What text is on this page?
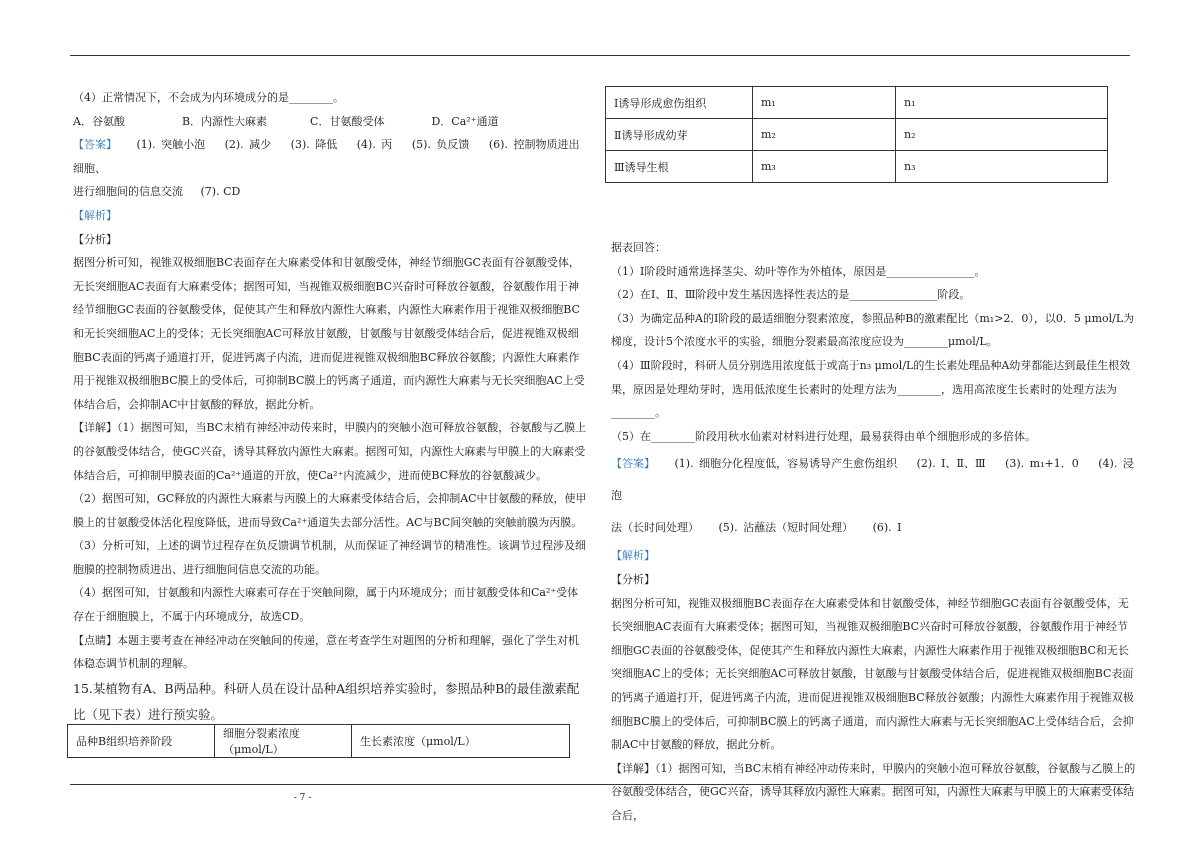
（4）正常情况下，不会成为内环境成分的是________。

A．谷氨酸	B．内源性大麻素	C．甘氨酸受体	D．Ca²⁺通道

【答案】 (1). 突触小泡 (2). 减少 (3). 降低 (4). 丙 (5). 负反馈 (6). 控制物质进出细胞、

进行细胞间的信息交流 (7). CD

【解析】

【分析】

据图分析可知，视锥双极细胞BC表面存在大麻素受体和甘氨酸受体，神经节细胞GC表面有谷氨酸受体，无长突细胞AC表面有大麻素受体；据图可知，当视锥双极细胞BC兴奋时可释放谷氨酸，谷氨酸作用于神经节细胞GC表面的谷氨酸受体，促使其产生和释放内源性大麻素，内源性大麻素作用于视锥双极细胞BC和无长突细胞AC上的受体；无长突细胞AC可释放甘氨酸，甘氨酸与甘氨酸受体结合后，促进视锥双极细胞BC表面的钙离子通道打开，促进钙离子内流，进而促进视锥双极细胞BC释放谷氨酸；内源性大麻素作用于视锥双极细胞BC膜上的受体后，可抑制BC膜上的钙离子通道，而内源性大麻素与无长突细胞AC上受体结合后，会抑制AC中甘氨酸的释放，据此分析。

【详解】（1）据图可知，当BC末梢有神经冲动传来时，甲膜内的突触小泡可释放谷氨酸，谷氨酸与乙膜上的谷氨酸受体结合，使GC兴奋，诱导其释放内源性大麻素。据图可知，内源性大麻素与甲膜上的大麻素受体结合后，可抑制甲膜表面的Ca²⁺通道的开放，使Ca²⁺内流减少，进而使BC释放的谷氨酸减少。

（2）据图可知，GC释放的内源性大麻素与丙膜上的大麻素受体结合后，会抑制AC中甘氨酸的释放，使甲膜上的甘氨酸受体活化程度降低，进而导致Ca²⁺通道失去部分活性。AC与BC间突触的突触前膜为丙膜。

（3）分析可知，上述的调节过程存在负反馈调节机制，从而保证了神经调节的精准性。该调节过程涉及细胞膜的控制物质进出、进行细胞间信息交流的功能。

（4）据图可知，甘氨酸和内源性大麻素可存在于突触间隙，属于内环境成分；而甘氨酸受体和Ca²⁺受体存在于细胞膜上，不属于内环境成分，故选CD。

【点睛】本题主要考查在神经冲动在突触间的传递，意在考查学生对题图的分析和理解，强化了学生对机体稳态调节机制的理解。

15.某植物有A、B两品种。科研人员在设计品种A组织培养实验时，参照品种B的最佳激素配比（见下表）进行预实验。

品种B组织培养阶段	细胞分裂素浓度（μmol/L）	生长素浓度（μmol/L）
Ⅰ诱导形成愈伤组织	m₁	n₁
Ⅱ诱导形成幼芽	m₂	n₂
Ⅲ诱导生根	m₃	n₃

据表回答：

（1）Ⅰ阶段时通常选择茎尖、幼叶等作为外植体，原因是________________。

（2）在Ⅰ、Ⅱ、Ⅲ阶段中发生基因选择性表达的是________________阶段。

（3）为确定品种A的Ⅰ阶段的最适细胞分裂素浓度，参照品种B的激素配比（m₁>2．0），以0．5 μmol/L为梯度，设计5个浓度水平的实验，细胞分裂素最高浓度应设为________μmol/L。

（4）Ⅲ阶段时，科研人员分别选用浓度低于或高于n₃ μmol/L的生长素处理品种A幼芽都能达到最佳生根效果，原因是处理幼芽时，选用低浓度生长素时的处理方法为________，选用高浓度生长素时的处理方法为________。

（5）在________阶段用秋水仙素对材料进行处理，最易获得由单个细胞形成的多倍体。

【答案】 (1). 细胞分化程度低，容易诱导产生愈伤组织 (2). Ⅰ、Ⅱ、Ⅲ (3). m₁+1．0 (4). 浸泡

法（长时间处理） (5). 沾蘸法（短时间处理） (6). Ⅰ

【解析】

【分析】

据图分析可知，视锥双极细胞BC表面存在大麻素受体和甘氨酸受体，神经节细胞GC表面有谷氨酸受体，无长突细胞AC表面有大麻素受体；据图可知，当视锥双极细胞BC兴奋时可释放谷氨酸，谷氨酸作用于神经节细胞GC表面的谷氨酸受体，促使其产生和释放内源性大麻素，内源性大麻素作用于视锥双极细胞BC和无长突细胞AC上的受体；无长突细胞AC可释放甘氨酸，甘氨酸与甘氨酸受体结合后，促进视锥双极细胞BC表面的钙离子通道打开，促进钙离子内流，进而促进视锥双极细胞BC释放谷氨酸；内源性大麻素作用于视锥双极细胞BC膜上的受体后，可抑制BC膜上的钙离子通道，而内源性大麻素与无长突细胞AC上受体结合后，会抑制AC中甘氨酸的释放，据此分析。

【详解】（1）据图可知，当BC末梢有神经冲动传来时，甲膜内的突触小泡可释放谷氨酸，谷氨酸与乙膜上的谷氨酸受体结合，使GC兴奋，诱导其释放内源性大麻素。据图可知，内源性大麻素与甲膜上的大麻素受体结合后，

- 7 -
